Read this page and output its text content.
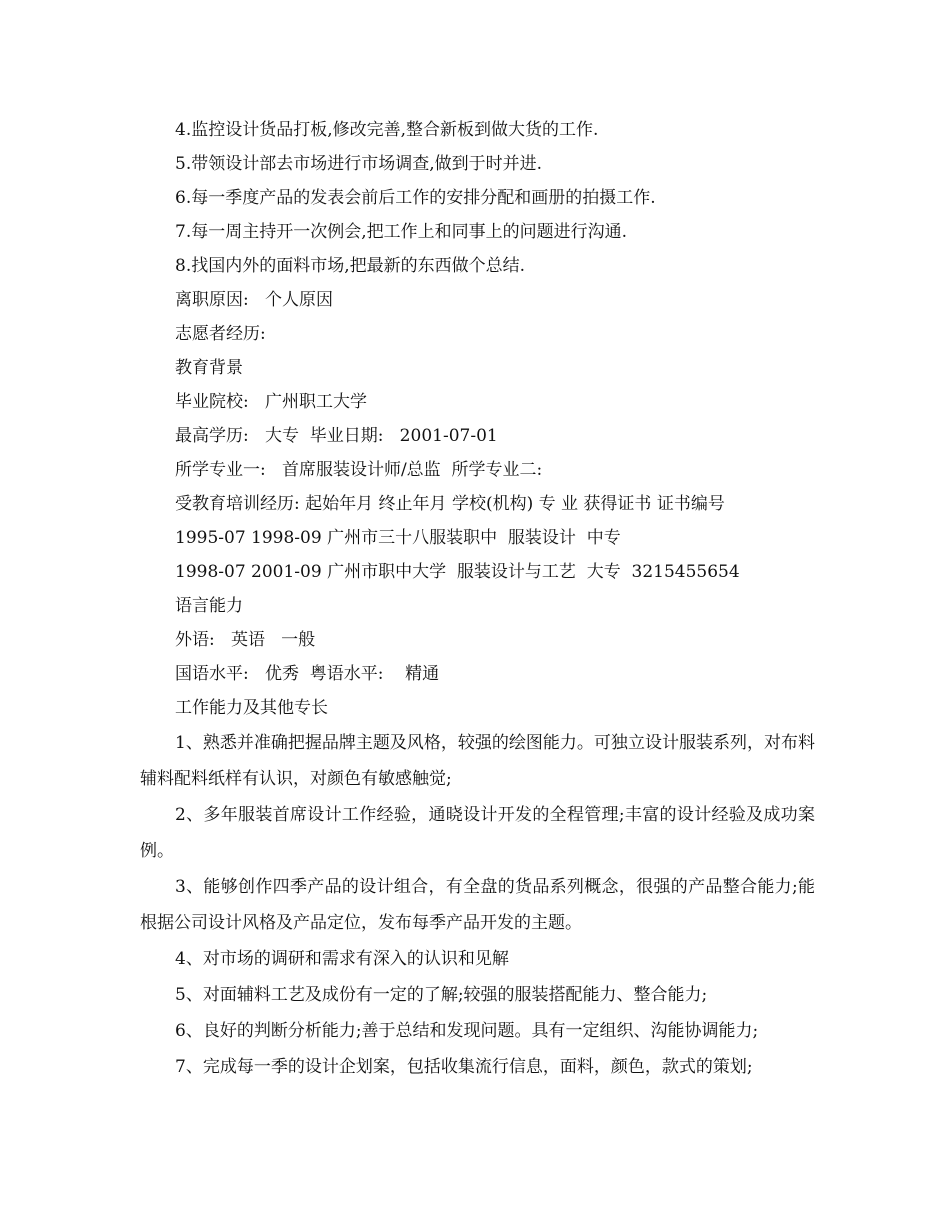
4.监控设计货品打板,修改完善,整合新板到做大货的工作.
5.带领设计部去市场进行市场调查,做到于时并进.
6.每一季度产品的发表会前后工作的安排分配和画册的拍摄工作.
7.每一周主持开一次例会,把工作上和同事上的问题进行沟通.
8.找国内外的面料市场,把最新的东西做个总结.
离职原因:   个人原因
志愿者经历:
教育背景
毕业院校:   广州职工大学
最高学历:   大专  毕业日期:   2001-07-01
所学专业一:   首席服装设计师/总监  所学专业二:

受教育培训经历: 起始年月 终止年月 学校(机构) 专 业 获得证书 证书编号

1995-07 1998-09 广州市三十八服装职中  服装设计  中专
1998-07 2001-09 广州市职中大学  服装设计与工艺  大专  3215455654
语言能力
外语:   英语   一般
国语水平:   优秀  粤语水平:    精通
工作能力及其他专长

1、熟悉并准确把握品牌主题及风格，较强的绘图能力。可独立设计服装系列，对布料辅料配料纸样有认识，对颜色有敏感触觉;

2、多年服装首席设计工作经验，通晓设计开发的全程管理;丰富的设计经验及成功案例。

3、能够创作四季产品的设计组合，有全盘的货品系列概念，很强的产品整合能力;能根据公司设计风格及产品定位，发布每季产品开发的主题。

4、对市场的调研和需求有深入的认识和见解

5、对面辅料工艺及成份有一定的了解;较强的服装搭配能力、整合能力;

6、良好的判断分析能力;善于总结和发现问题。具有一定组织、沟能协调能力;

7、完成每一季的设计企划案，包括收集流行信息，面料，颜色，款式的策划;
